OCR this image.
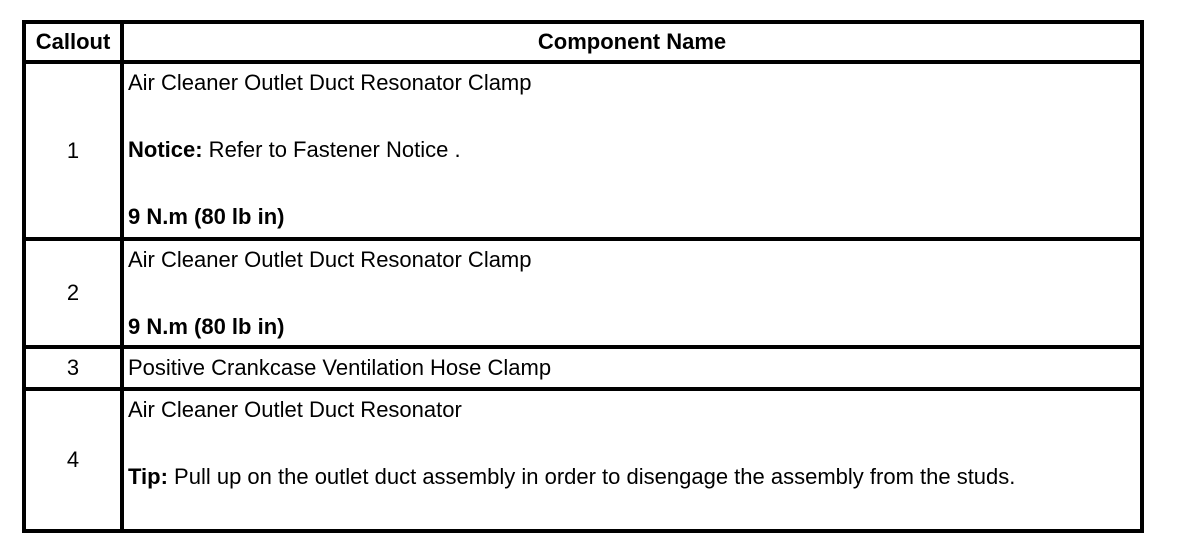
Callout	Component Name
1	Air Cleaner Outlet Duct Resonator Clamp
Notice: Refer to Fastener Notice .
9 N.m (80 lb in)

2	Air Cleaner Outlet Duct Resonator Clamp
9 N.m (80 lb in)

3	Positive Crankcase Ventilation Hose Clamp

4	Air Cleaner Outlet Duct Resonator
Tip: Pull up on the outlet duct assembly in order to disengage the assembly from the studs.
